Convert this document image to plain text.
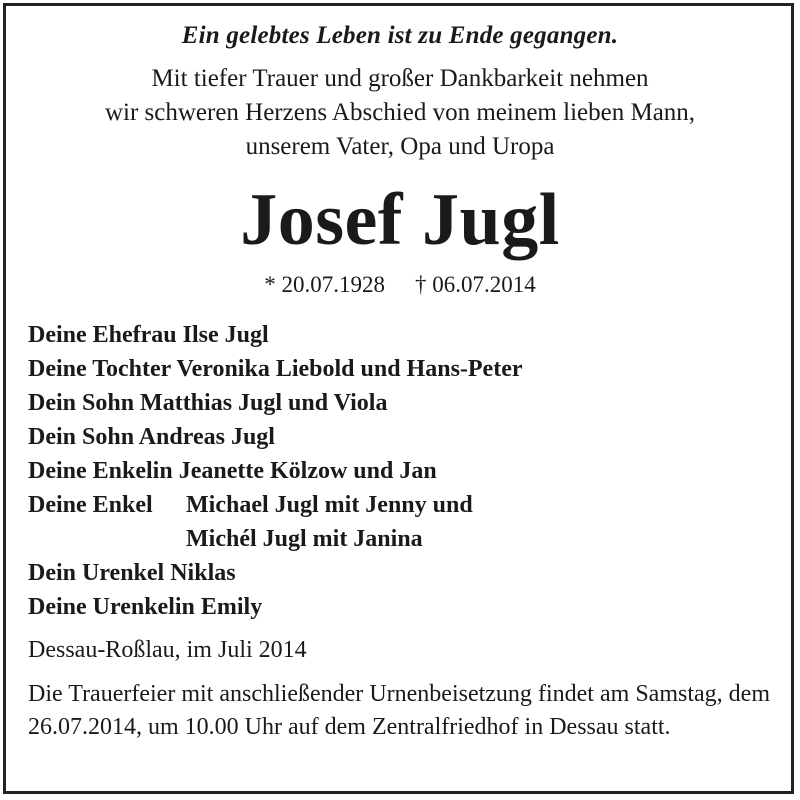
Ein gelebtes Leben ist zu Ende gegangen.
Mit tiefer Trauer und großer Dankbarkeit nehmen
wir schweren Herzens Abschied von meinem lieben Mann,
unserem Vater, Opa und Uropa
Josef Jugl
* 20.07.1928 † 06.07.2014
Deine Ehefrau Ilse Jugl
Deine Tochter Veronika Liebold und Hans-Peter
Dein Sohn Matthias Jugl und Viola
Dein Sohn Andreas Jugl
Deine Enkelin Jeanette Kölzow und Jan
Deine Enkel Michael Jugl mit Jenny und
Michél Jugl mit Janina
Dein Urenkel Niklas
Deine Urenkelin Emily
Dessau-Roßlau, im Juli 2014
Die Trauerfeier mit anschließender Urnenbeisetzung findet am Samstag, dem 26.07.2014, um 10.00 Uhr auf dem Zentralfriedhof in Dessau statt.
